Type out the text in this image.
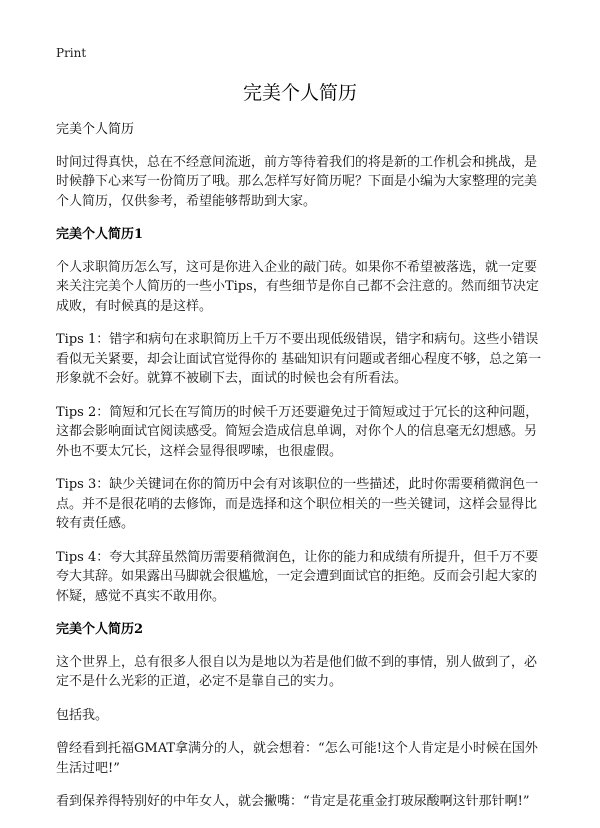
Print
完美个人简历

完美个人简历

时间过得真快，总在不经意间流逝，前方等待着我们的将是新的工作机会和挑战，是时候静下心来写一份简历了哦。那么怎样写好简历呢？下面是小编为大家整理的完美个人简历，仅供参考，希望能够帮助到大家。

完美个人简历1

个人求职简历怎么写，这可是你进入企业的敲门砖。如果你不希望被落选，就一定要来关注完美个人简历的一些小Tips，有些细节是你自己都不会注意的。然而细节决定成败，有时候真的是这样。

Tips 1：错字和病句在求职简历上千万不要出现低级错误，错字和病句。这些小错误看似无关紧要，却会让面试官觉得你的 基础知识有问题或者细心程度不够，总之第一形象就不会好。就算不被刷下去，面试的时候也会有所看法。

Tips 2：简短和冗长在写简历的时候千万还要避免过于简短或过于冗长的这种问题，这都会影响面试官阅读感受。简短会造成信息单调，对你个人的信息毫无幻想感。另外也不要太冗长，这样会显得很啰嗦，也很虚假。

Tips 3：缺少关键词在你的简历中会有对该职位的一些描述，此时你需要稍微润色一点。并不是很花哨的去修饰，而是选择和这个职位相关的一些关键词，这样会显得比较有责任感。

Tips 4：夸大其辞虽然简历需要稍微润色，让你的能力和成绩有所提升，但千万不要夸大其辞。如果露出马脚就会很尴尬，一定会遭到面试官的拒绝。反而会引起大家的怀疑，感觉不真实不敢用你。

完美个人简历2

这个世界上，总有很多人很自以为是地以为若是他们做不到的事情，别人做到了，必定不是什么光彩的正道，必定不是靠自己的实力。

包括我。

曾经看到托福GMAT拿满分的人，就会想着：“怎么可能!这个人肯定是小时候在国外生活过吧!”

看到保养得特别好的中年女人，就会撇嘴：“肯定是花重金打玻尿酸啊这针那针啊!”
